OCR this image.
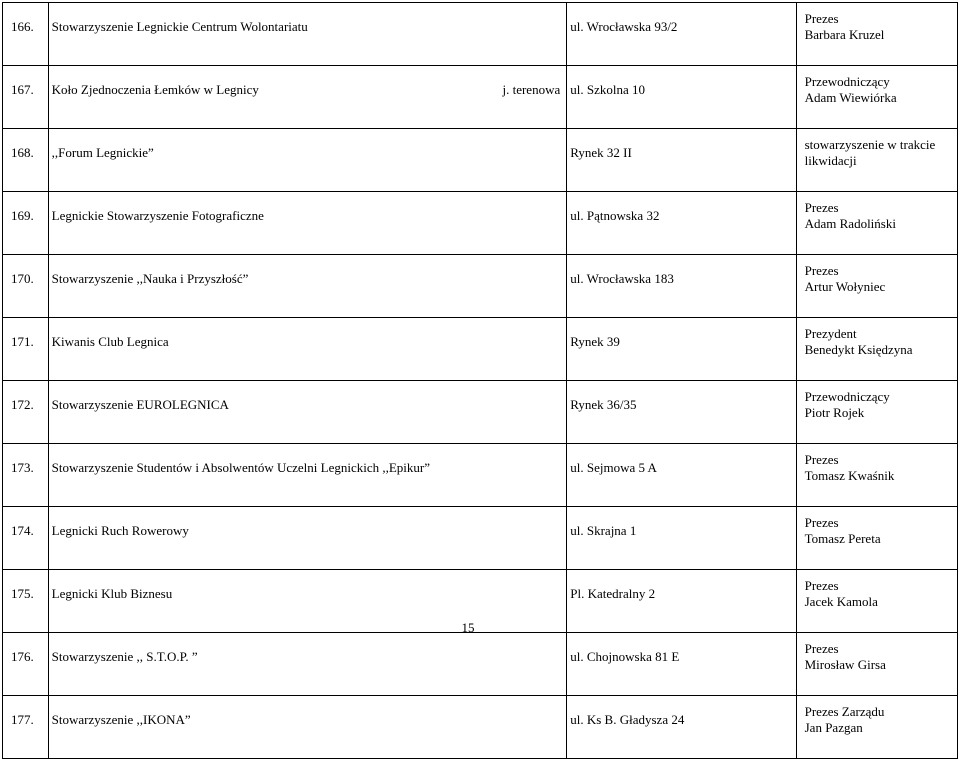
166.	Stowarzyszenie Legnickie Centrum Wolontariatu	ul. Wrocławska 93/2	Prezes
Barbara Kruzel

167.	Koło Zjednoczenia Łemków w Legnicy j. terenowa	ul. Szkolna 10	Przewodniczący
Adam Wiewiórka

168.	,,Forum Legnickie”	Rynek 32 II	stowarzyszenie w trakcie
likwidacji

169.	Legnickie Stowarzyszenie Fotograficzne	ul. Pątnowska 32	Prezes
Adam Radoliński

170.	Stowarzyszenie ,,Nauka i Przyszłość”	ul. Wrocławska 183	Prezes
Artur Wołyniec

171.	Kiwanis Club Legnica	Rynek 39	Prezydent
Benedykt Księdzyna

172.	Stowarzyszenie EUROLEGNICA	Rynek 36/35	Przewodniczący
Piotr Rojek

173.	Stowarzyszenie Studentów i Absolwentów Uczelni Legnickich ,,Epikur”	ul. Sejmowa 5 A	Prezes
Tomasz Kwaśnik

174.	Legnicki Ruch Rowerowy	ul. Skrajna 1	Prezes
Tomasz Pereta

175.	Legnicki Klub Biznesu	Pl. Katedralny 2	Prezes
Jacek Kamola

176.	Stowarzyszenie ,, S.T.O.P. ”	ul. Chojnowska 81 E	Prezes
Mirosław Girsa

177.	Stowarzyszenie ,,IKONA”	ul. Ks B. Gładysza 24	Prezes Zarządu
Jan Pazgan
15
